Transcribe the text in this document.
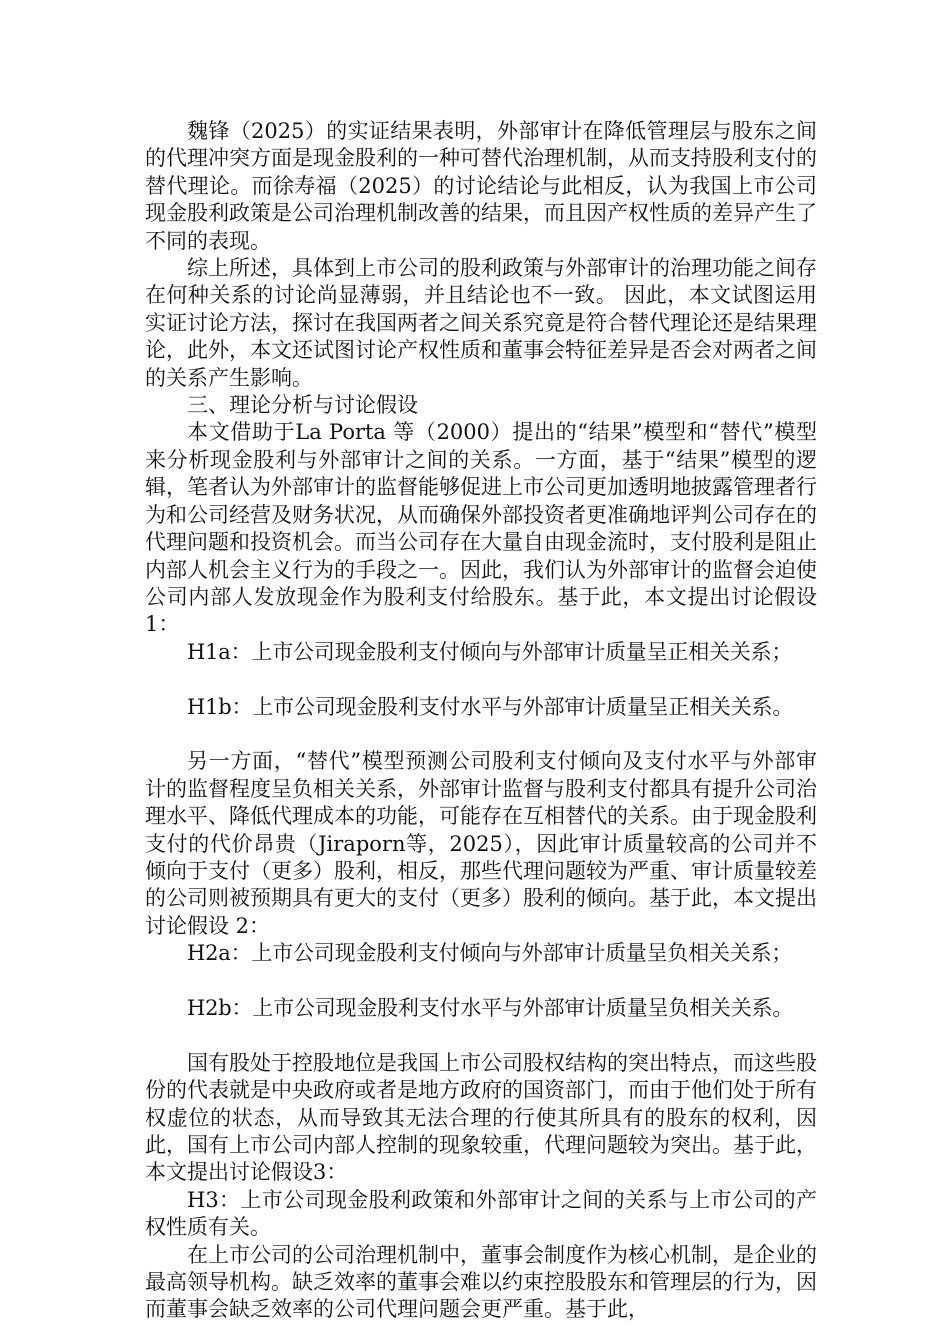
魏锋（2025）的实证结果表明，外部审计在降低管理层与股东之间的代理冲突方面是现金股利的一种可替代治理机制，从而支持股利支付的替代理论。而徐寿福（2025）的讨论结论与此相反，认为我国上市公司现金股利政策是公司治理机制改善的结果，而且因产权性质的差异产生了不同的表现。

综上所述，具体到上市公司的股利政策与外部审计的治理功能之间存在何种关系的讨论尚显薄弱，并且结论也不一致。 因此，本文试图运用实证讨论方法，探讨在我国两者之间关系究竟是符合替代理论还是结果理论，此外，本文还试图讨论产权性质和董事会特征差异是否会对两者之间的关系产生影响。

三、理论分析与讨论假设

本文借助于La Porta 等（2000）提出的“结果”模型和“替代”模型来分析现金股利与外部审计之间的关系。一方面，基于“结果”模型的逻辑，笔者认为外部审计的监督能够促进上市公司更加透明地披露管理者行为和公司经营及财务状况，从而确保外部投资者更准确地评判公司存在的代理问题和投资机会。而当公司存在大量自由现金流时，支付股利是阻止内部人机会主义行为的手段之一。因此，我们认为外部审计的监督会迫使公司内部人发放现金作为股利支付给股东。基于此，本文提出讨论假设1：

H1a：上市公司现金股利支付倾向与外部审计质量呈正相关关系；

H1b：上市公司现金股利支付水平与外部审计质量呈正相关关系。

另一方面，“替代”模型预测公司股利支付倾向及支付水平与外部审计的监督程度呈负相关关系，外部审计监督与股利支付都具有提升公司治理水平、降低代理成本的功能，可能存在互相替代的关系。由于现金股利支付的代价昂贵（Jiraporn等，2025），因此审计质量较高的公司并不倾向于支付（更多）股利，相反，那些代理问题较为严重、审计质量较差的公司则被预期具有更大的支付（更多）股利的倾向。基于此，本文提出讨论假设 2：

H2a：上市公司现金股利支付倾向与外部审计质量呈负相关关系；

H2b：上市公司现金股利支付水平与外部审计质量呈负相关关系。

国有股处于控股地位是我国上市公司股权结构的突出特点，而这些股份的代表就是中央政府或者是地方政府的国资部门，而由于他们处于所有权虚位的状态，从而导致其无法合理的行使其所具有的股东的权利，因此，国有上市公司内部人控制的现象较重，代理问题较为突出。基于此，本文提出讨论假设3：

H3：上市公司现金股利政策和外部审计之间的关系与上市公司的产权性质有关。

在上市公司的公司治理机制中，董事会制度作为核心机制，是企业的最高领导机构。缺乏效率的董事会难以约束控股股东和管理层的行为，因而董事会缺乏效率的公司代理问题会更严重。基于此，
